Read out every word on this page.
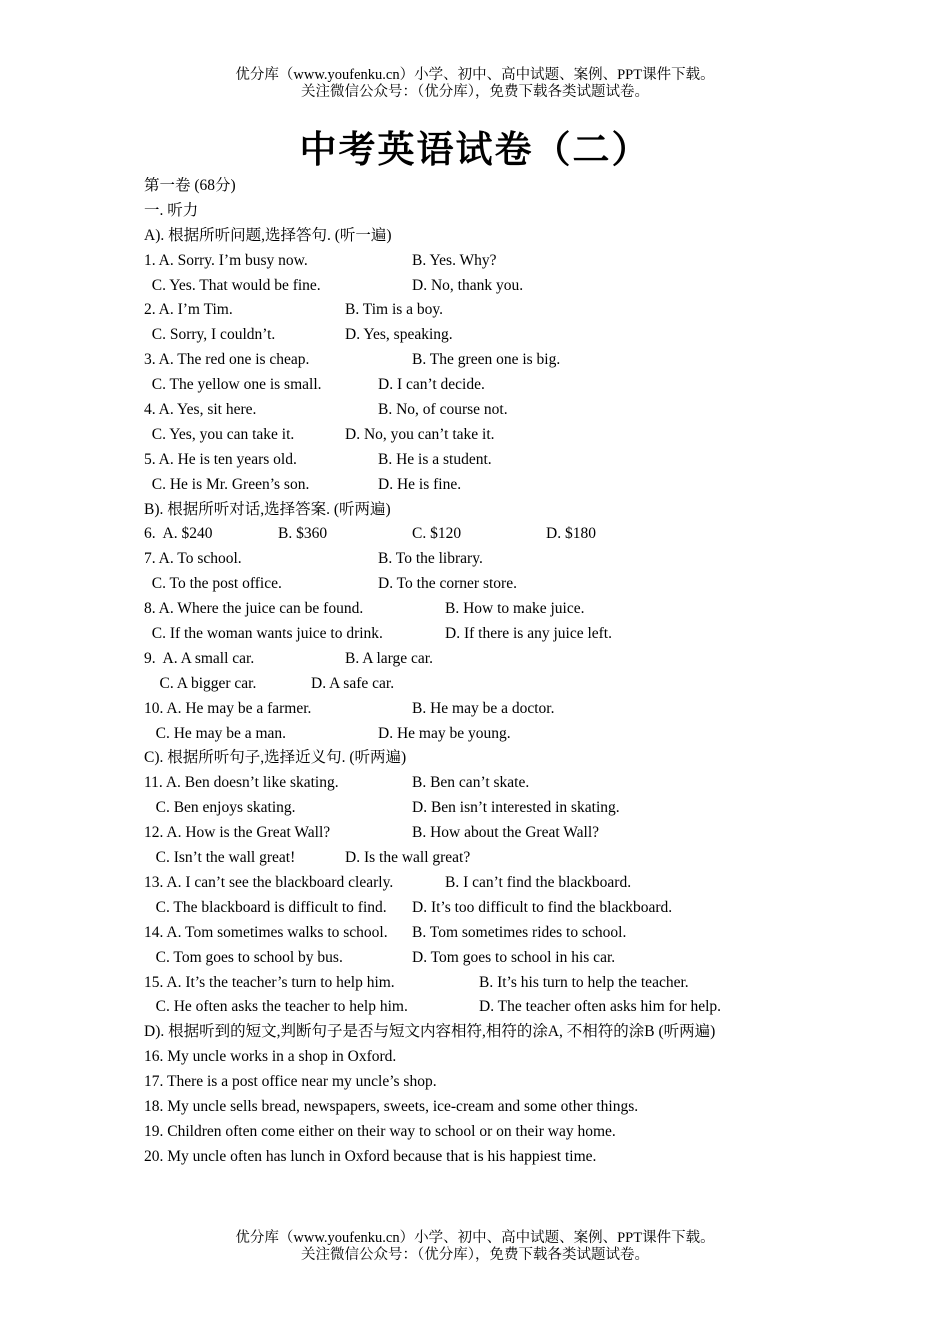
优分库（www.youfenku.cn）小学、初中、高中试题、案例、PPT课件下载。
关注微信公众号：（优分库），免费下载各类试题试卷。
中考英语试卷（二）
第一卷 (68分)
一. 听力
A). 根据所听问题,选择答句. (听一遍)
1. A. Sorry. I’m busy now.	B. Yes. Why?
C. Yes. That would be fine.	D. No, thank you.
2. A. I’m Tim.	B. Tim is a boy.
C. Sorry, I couldn’t.	D. Yes, speaking.
3. A. The red one is cheap.	B. The green one is big.
C. The yellow one is small.	D. I can’t decide.
4. A. Yes, sit here.	B. No, of course not.
C. Yes, you can take it.	D. No, you can’t take it.
5. A. He is ten years old.	B. He is a student.
C. He is Mr. Green’s son.	D. He is fine.
B). 根据所听对话,选择答案. (听两遍)
6.  A. $240	B. $360	C. $120	D. $180
7. A. To school.	B. To the library.
C. To the post office.	D. To the corner store.
8. A. Where the juice can be found.	B. How to make juice.
C. If the woman wants juice to drink.	D. If there is any juice left.
9.  A. A small car.	B. A large car.
C. A bigger car.	D. A safe car.
10. A. He may be a farmer.	B. He may be a doctor.
C. He may be a man.	D. He may be young.
C). 根据所听句子,选择近义句. (听两遍)
11. A. Ben doesn’t like skating.	B. Ben can’t skate.
C. Ben enjoys skating.	D. Ben isn’t interested in skating.
12. A. How is the Great Wall?	B. How about the Great Wall?
C. Isn’t the wall great!	D. Is the wall great?
13. A. I can’t see the blackboard clearly.	B. I can’t find the blackboard.
C. The blackboard is difficult to find. D. It’s too difficult to find the blackboard.
14. A. Tom sometimes walks to school. B. Tom sometimes rides to school.
C. Tom goes to school by bus.	D. Tom goes to school in his car.
15. A. It’s the teacher’s turn to help him.	B. It’s his turn to help the teacher.
C. He often asks the teacher to help him.	D. The teacher often asks him for help.
D). 根据听到的短文,判断句子是否与短文内容相符,相符的涂A, 不相符的涂B (听两遍)
16. My uncle works in a shop in Oxford.
17. There is a post office near my uncle’s shop.
18. My uncle sells bread, newspapers, sweets, ice-cream and some other things.
19. Children often come either on their way to school or on their way home.
20. My uncle often has lunch in Oxford because that is his happiest time.
优分库（www.youfenku.cn）小学、初中、高中试题、案例、PPT课件下载。
关注微信公众号：（优分库），免费下载各类试题试卷。
